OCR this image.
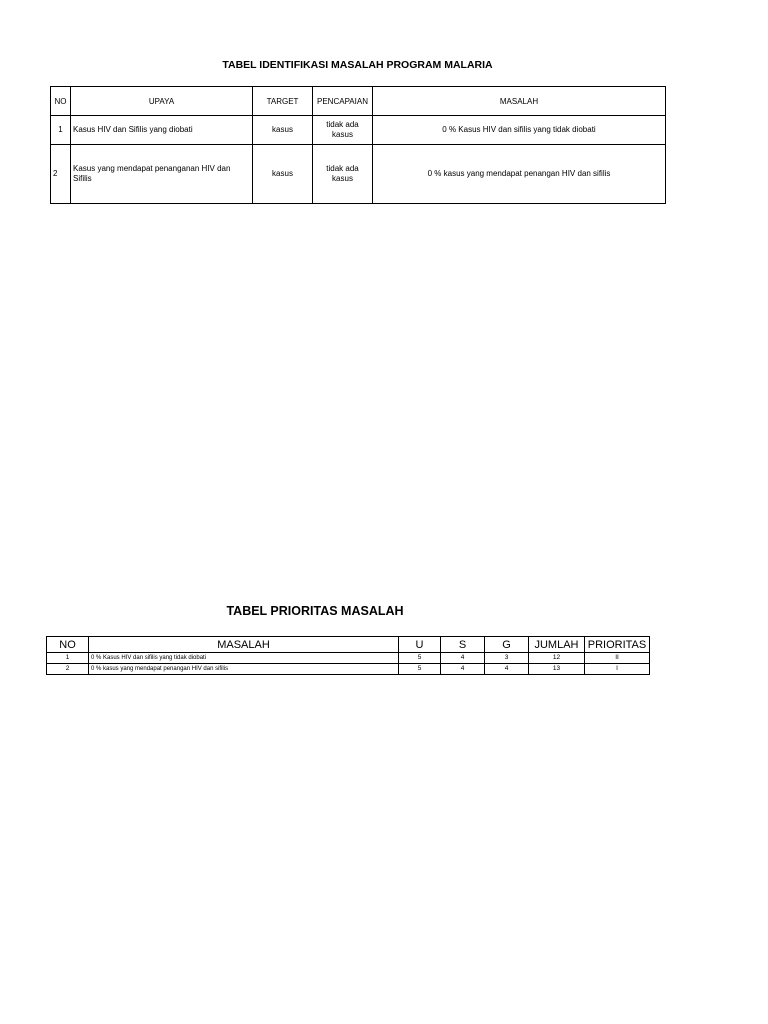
TABEL IDENTIFIKASI MASALAH PROGRAM MALARIA
NO	UPAYA	TARGET	PENCAPAIAN	MASALAH
1	Kasus HIV dan Sifilis yang diobati	kasus	tidak ada kasus	0 % Kasus HIV dan sifilis yang tidak diobati
2	Kasus yang mendapat penanganan HIV dan Sifilis	kasus	tidak ada kasus	0 % kasus yang mendapat penangan HIV dan sifilis
TABEL PRIORITAS MASALAH
NO	MASALAH	U	S	G	JUMLAH	PRIORITAS
1	0 % Kasus HIV dan sifilis yang tidak diobati	5	4	3	12	II
2	0 % kasus yang mendapat penangan HIV dan sifilis	5	4	4	13	I
